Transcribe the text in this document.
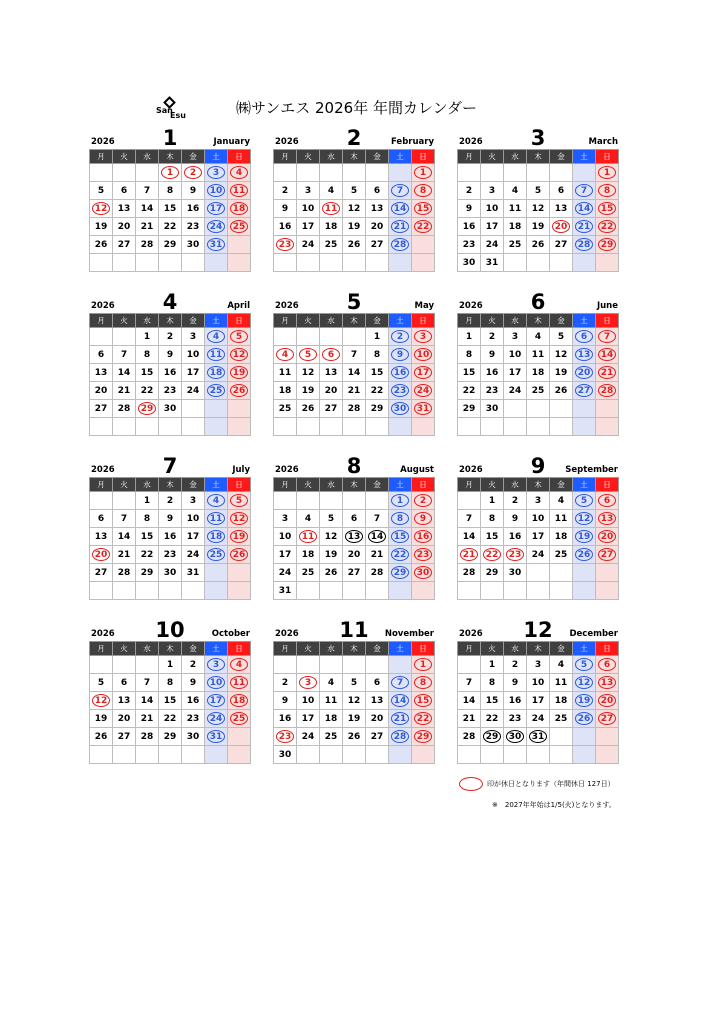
San
Esu	㈱サンエス 2026年 年間カレンダー
2026	1	January
月	火	水	木	金	土	日
			1	2	3	4
5	6	7	8	9	10	11
12	13	14	15	16	17	18
19	20	21	22	23	24	25
26	27	28	29	30	31	

2026	2	February
月	火	水	木	金	土	日
						1
2	3	4	5	6	7	8
9	10	11	12	13	14	15
16	17	18	19	20	21	22
23	24	25	26	27	28	

2026	3	March
月	火	水	木	金	土	日
						1
2	3	4	5	6	7	8
9	10	11	12	13	14	15
16	17	18	19	20	21	22
23	24	25	26	27	28	29
30	31					
2026	4	April
月	火	水	木	金	土	日
		1	2	3	4	5
6	7	8	9	10	11	12
13	14	15	16	17	18	19
20	21	22	23	24	25	26
27	28	29	30			

2026	5	May
月	火	水	木	金	土	日
				1	2	3
4	5	6	7	8	9	10
11	12	13	14	15	16	17
18	19	20	21	22	23	24
25	26	27	28	29	30	31

2026	6	June
月	火	水	木	金	土	日
1	2	3	4	5	6	7
8	9	10	11	12	13	14
15	16	17	18	19	20	21
22	23	24	25	26	27	28
29	30					

2026	7	July
月	火	水	木	金	土	日
		1	2	3	4	5
6	7	8	9	10	11	12
13	14	15	16	17	18	19
20	21	22	23	24	25	26
27	28	29	30	31		

2026	8	August
月	火	水	木	金	土	日
					1	2
3	4	5	6	7	8	9
10	11	12	13	14	15	16
17	18	19	20	21	22	23
24	25	26	27	28	29	30
31						
2026	9	September
月	火	水	木	金	土	日
	1	2	3	4	5	6
7	8	9	10	11	12	13
14	15	16	17	18	19	20
21	22	23	24	25	26	27
28	29	30				

2026	10	October
月	火	水	木	金	土	日
			1	2	3	4
5	6	7	8	9	10	11
12	13	14	15	16	17	18
19	20	21	22	23	24	25
26	27	28	29	30	31	

2026	11	November
月	火	水	木	金	土	日
						1
2	3	4	5	6	7	8
9	10	11	12	13	14	15
16	17	18	19	20	21	22
23	24	25	26	27	28	29
30						
2026	12	December
月	火	水	木	金	土	日
	1	2	3	4	5	6
7	8	9	10	11	12	13
14	15	16	17	18	19	20
21	22	23	24	25	26	27
28	29	30	31			

印が休日となります（年間休日 127日）
※　2027年年始は1/5(火)となります。
